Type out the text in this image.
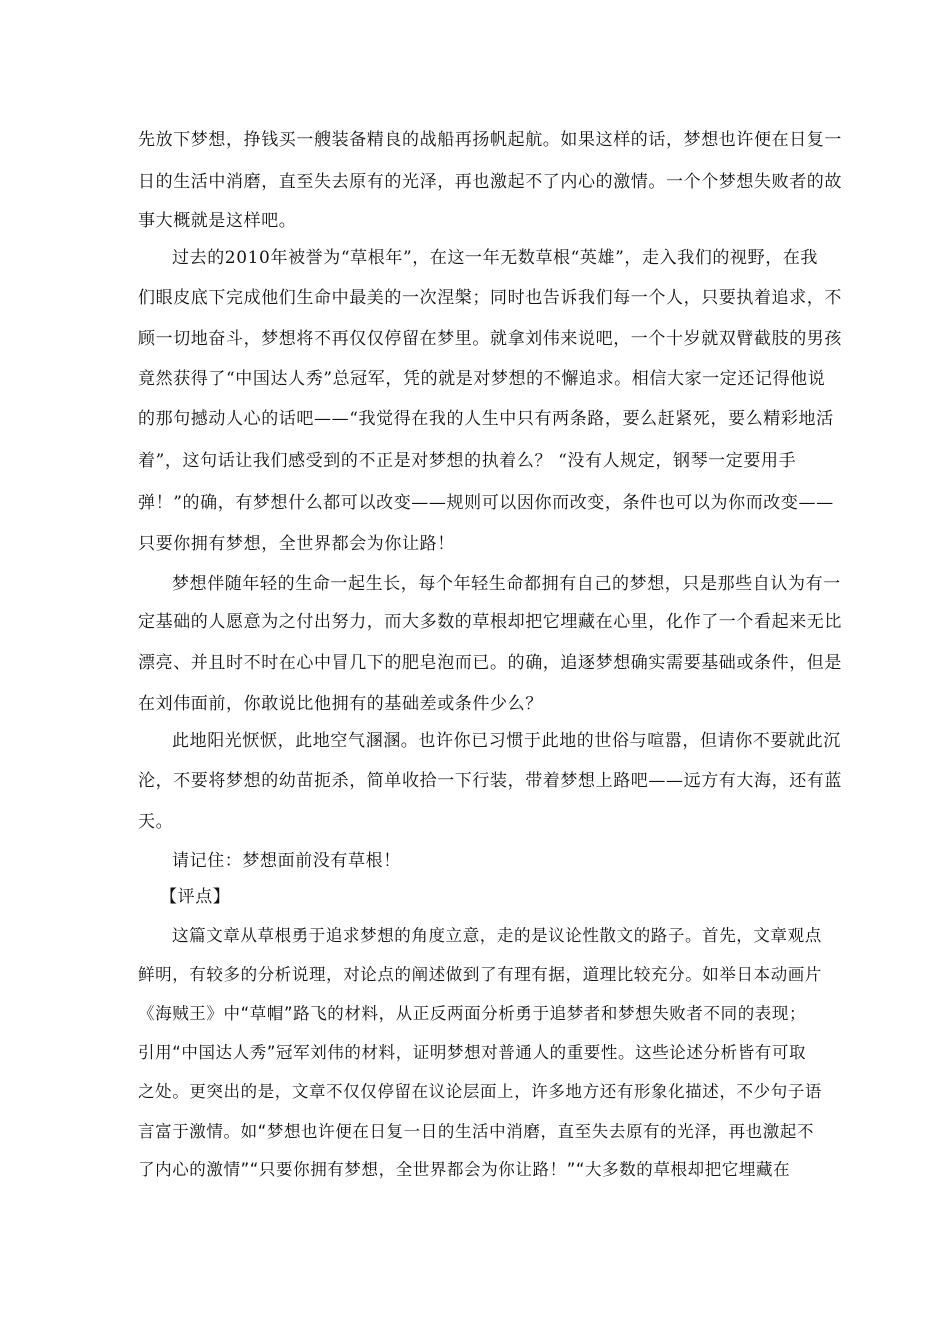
先放下梦想，挣钱买一艘装备精良的战船再扬帆起航。如果这样的话，梦想也许便在日复一
日的生活中消磨，直至失去原有的光泽，再也激起不了内心的激情。一个个梦想失败者的故
事大概就是这样吧。
过去的2010年被誉为“草根年”，在这一年无数草根“英雄”，走入我们的视野，在我
们眼皮底下完成他们生命中最美的一次涅槃；同时也告诉我们每一个人，只要执着追求，不
顾一切地奋斗，梦想将不再仅仅停留在梦里。就拿刘伟来说吧，一个十岁就双臂截肢的男孩
竟然获得了“中国达人秀”总冠军，凭的就是对梦想的不懈追求。相信大家一定还记得他说
的那句撼动人心的话吧——“我觉得在我的人生中只有两条路，要么赶紧死，要么精彩地活
着”，这句话让我们感受到的不正是对梦想的执着么？ “没有人规定，钢琴一定要用手
弹！”的确，有梦想什么都可以改变——规则可以因你而改变，条件也可以为你而改变——
只要你拥有梦想，全世界都会为你让路！
梦想伴随年轻的生命一起生长，每个年轻生命都拥有自己的梦想，只是那些自认为有一
定基础的人愿意为之付出努力，而大多数的草根却把它埋藏在心里，化作了一个看起来无比
漂亮、并且时不时在心中冒几下的肥皂泡而已。的确，追逐梦想确实需要基础或条件，但是
在刘伟面前，你敢说比他拥有的基础差或条件少么？
此地阳光恹恹，此地空气溷溷。也许你已习惯于此地的世俗与喧嚣，但请你不要就此沉
沦，不要将梦想的幼苗扼杀，简单收拾一下行装，带着梦想上路吧——远方有大海，还有蓝
天。
请记住：梦想面前没有草根！
【评点】
这篇文章从草根勇于追求梦想的角度立意，走的是议论性散文的路子。首先，文章观点
鲜明，有较多的分析说理，对论点的阐述做到了有理有据，道理比较充分。如举日本动画片
《海贼王》中“草帽”路飞的材料，从正反两面分析勇于追梦者和梦想失败者不同的表现；
引用“中国达人秀”冠军刘伟的材料，证明梦想对普通人的重要性。这些论述分析皆有可取
之处。更突出的是，文章不仅仅停留在议论层面上，许多地方还有形象化描述，不少句子语
言富于激情。如“梦想也许便在日复一日的生活中消磨，直至失去原有的光泽，再也激起不
了内心的激情”“只要你拥有梦想，全世界都会为你让路！”“大多数的草根却把它埋藏在
